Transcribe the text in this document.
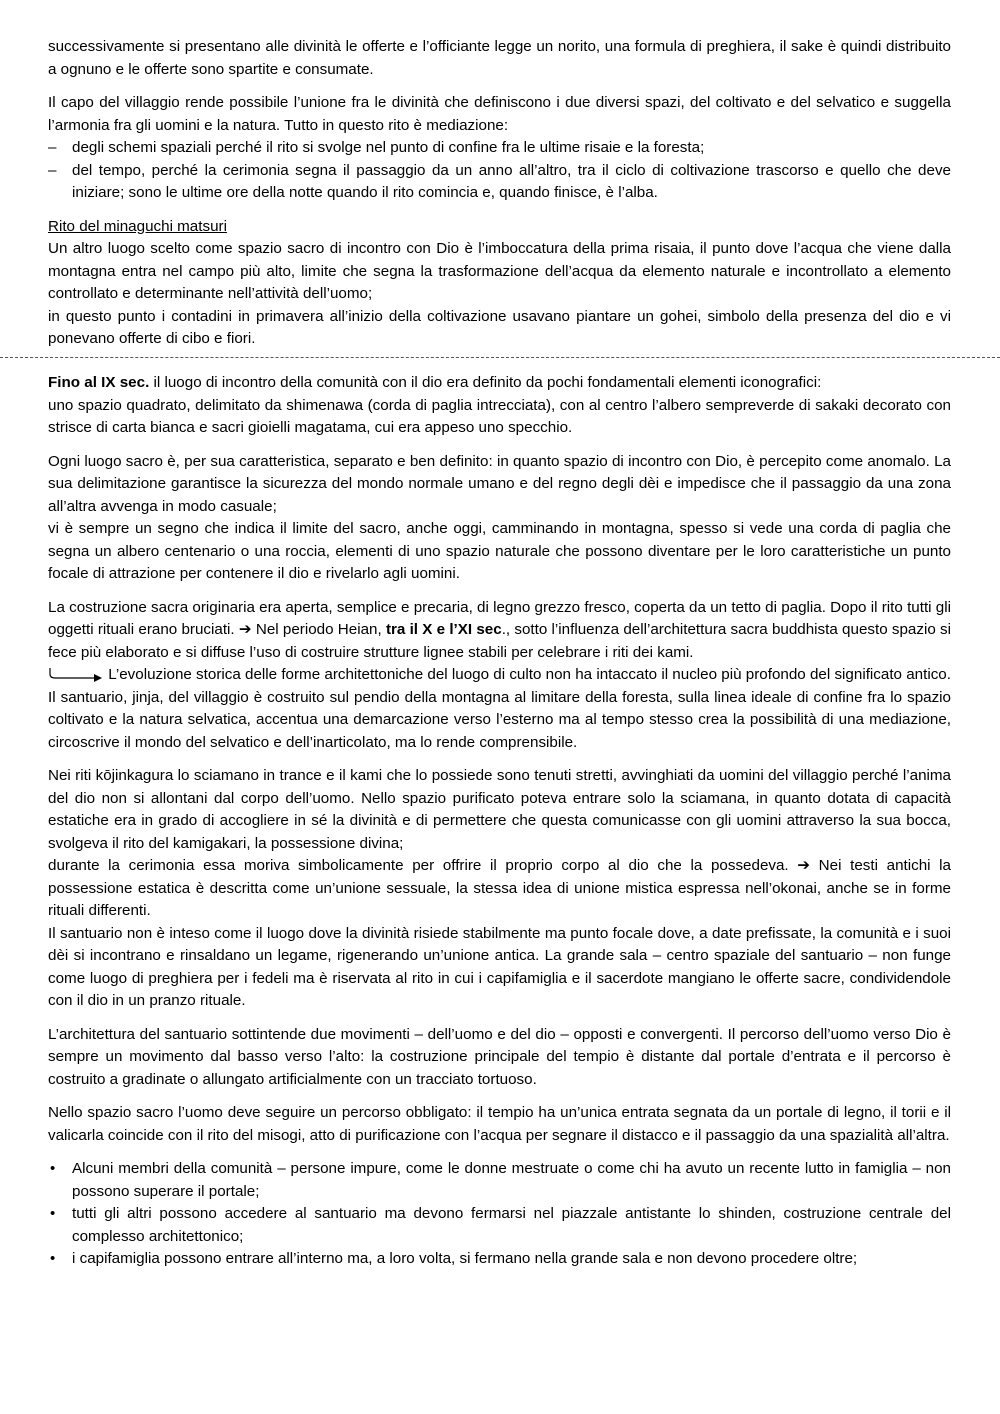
successivamente si presentano alle divinità le offerte e l’officiante legge un norito, una formula di preghiera, il sake è quindi distribuito a ognuno e le offerte sono spartite e consumate.

Il capo del villaggio rende possibile l’unione fra le divinità che definiscono i due diversi spazi, del coltivato e del selvatico e suggella l’armonia fra gli uomini e la natura. Tutto in questo rito è mediazione:

– degli schemi spaziali perché il rito si svolge nel punto di confine fra le ultime risaie e la foresta;
– del tempo, perché la cerimonia segna il passaggio da un anno all’altro, tra il ciclo di coltivazione trascorso e quello che deve iniziare; sono le ultime ore della notte quando il rito comincia e, quando finisce, è l’alba.
Rito del minaguchi matsuri

Un altro luogo scelto come spazio sacro di incontro con Dio è l’imboccatura della prima risaia, il punto dove l’acqua che viene dalla montagna entra nel campo più alto, limite che segna la trasformazione dell’acqua da elemento naturale e incontrollato a elemento controllato e determinante nell’attività dell’uomo;

in questo punto i contadini in primavera all’inizio della coltivazione usavano piantare un gohei, simbolo della presenza del dio e vi ponevano offerte di cibo e fiori.

Fino al IX sec. il luogo di incontro della comunità con il dio era definito da pochi fondamentali elementi iconografici:

uno spazio quadrato, delimitato da shimenawa (corda di paglia intrecciata), con al centro l’albero sempreverde di sakaki decorato con strisce di carta bianca e sacri gioielli magatama, cui era appeso uno specchio.

Ogni luogo sacro è, per sua caratteristica, separato e ben definito: in quanto spazio di incontro con Dio, è percepito come anomalo. La sua delimitazione garantisce la sicurezza del mondo normale umano e del regno degli dèi e impedisce che il passaggio da una zona all’altra avvenga in modo casuale;

vi è sempre un segno che indica il limite del sacro, anche oggi, camminando in montagna, spesso si vede una corda di paglia che segna un albero centenario o una roccia, elementi di uno spazio naturale che possono diventare per le loro caratteristiche un punto focale di attrazione per contenere il dio e rivelarlo agli uomini.

La costruzione sacra originaria era aperta, semplice e precaria, di legno grezzo fresco, coperta da un tetto di paglia. Dopo il rito tutti gli oggetti rituali erano bruciati. ➔ Nel periodo Heian, tra il X e l’XI sec., sotto l’influenza dell’architettura sacra buddhista questo spazio si fece più elaborato e si diffuse l’uso di costruire strutture lignee stabili per celebrare i riti dei kami.

L’evoluzione storica delle forme architettoniche del luogo di culto non ha intaccato il nucleo più profondo del significato antico. Il santuario, jinja, del villaggio è costruito sul pendio della montagna al limitare della foresta, sulla linea ideale di confine fra lo spazio coltivato e la natura selvatica, accentua una demarcazione verso l’esterno ma al tempo stesso crea la possibilità di una mediazione, circoscrive il mondo del selvatico e dell’inarticolato, ma lo rende comprensibile.

Nei riti kōjinkagura lo sciamano in trance e il kami che lo possiede sono tenuti stretti, avvinghiati da uomini del villaggio perché l’anima del dio non si allontani dal corpo dell’uomo. Nello spazio purificato poteva entrare solo la sciamana, in quanto dotata di capacità estatiche era in grado di accogliere in sé la divinità e di permettere che questa comunicasse con gli uomini attraverso la sua bocca, svolgeva il rito del kamigakari, la possessione divina;

durante la cerimonia essa moriva simbolicamente per offrire il proprio corpo al dio che la possedeva. ➔ Nei testi antichi la possessione estatica è descritta come un’unione sessuale, la stessa idea di unione mistica espressa nell’okonai, anche se in forme rituali differenti.

Il santuario non è inteso come il luogo dove la divinità risiede stabilmente ma punto focale dove, a date prefissate, la comunità e i suoi dèi si incontrano e rinsaldano un legame, rigenerando un’unione antica. La grande sala – centro spaziale del santuario – non funge come luogo di preghiera per i fedeli ma è riservata al rito in cui i capifamiglia e il sacerdote mangiano le offerte sacre, condividendole con il dio in un pranzo rituale.

L’architettura del santuario sottintende due movimenti – dell’uomo e del dio – opposti e convergenti. Il percorso dell’uomo verso Dio è sempre un movimento dal basso verso l’alto: la costruzione principale del tempio è distante dal portale d’entrata e il percorso è costruito a gradinate o allungato artificialmente con un tracciato tortuoso.

Nello spazio sacro l’uomo deve seguire un percorso obbligato: il tempio ha un’unica entrata segnata da un portale di legno, il torii e il valicarla coincide con il rito del misogi, atto di purificazione con l’acqua per segnare il distacco e il passaggio da una spazialità all’altra.

• Alcuni membri della comunità – persone impure, come le donne mestruate o come chi ha avuto un recente lutto in famiglia – non possono superare il portale;
• tutti gli altri possono accedere al santuario ma devono fermarsi nel piazzale antistante lo shinden, costruzione centrale del complesso architettonico;
• i capifamiglia possono entrare all’interno ma, a loro volta, si fermano nella grande sala e non devono procedere oltre;
